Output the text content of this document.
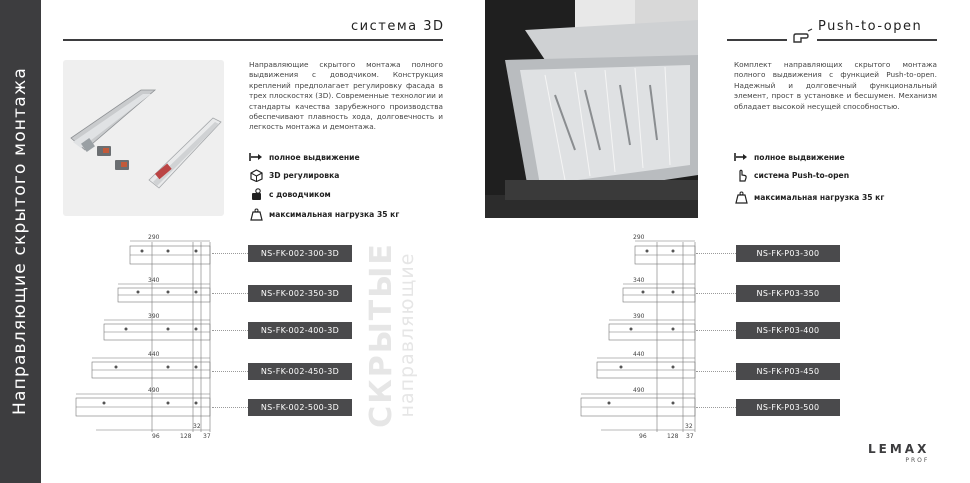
Направляющие скрытого монтажа
система 3D
Направляющие скрытого монтажа полного выдвижения с доводчиком. Конструкция креплений предполагает регулировку фасада в трех плоскостях (3D). Современные технологии и стандарты качества зарубежного производства обеспечивают плавность хода, долговечность и легкость монтажа и демонтажа.
полное выдвижение
3D регулировка
с доводчиком
максимальная нагрузка 35 кг
290
340
390
440
490
32
96	128 37
NS-FK-002-300-3D
NS-FK-002-350-3D
NS-FK-002-400-3D
NS-FK-002-450-3D
NS-FK-002-500-3D СКРЫТЫЕ
направляющие
Push-to-open
Комплект направляющих скрытого монтажа полного выдвижения с функцией Push-to-open. Надежный и долговечный функциональный элемент, прост в установке и бесшумен. Механизм обладает высокой несущей способностью.
полное выдвижение
система Push-to-open
максимальная нагрузка 35 кг
290
340
390
440
490
32
96	128 37
NS-FK-P03-300
NS-FK-P03-350
NS-FK-P03-400
NS-FK-P03-450
NS-FK-P03-500
LEMAX
PROF
